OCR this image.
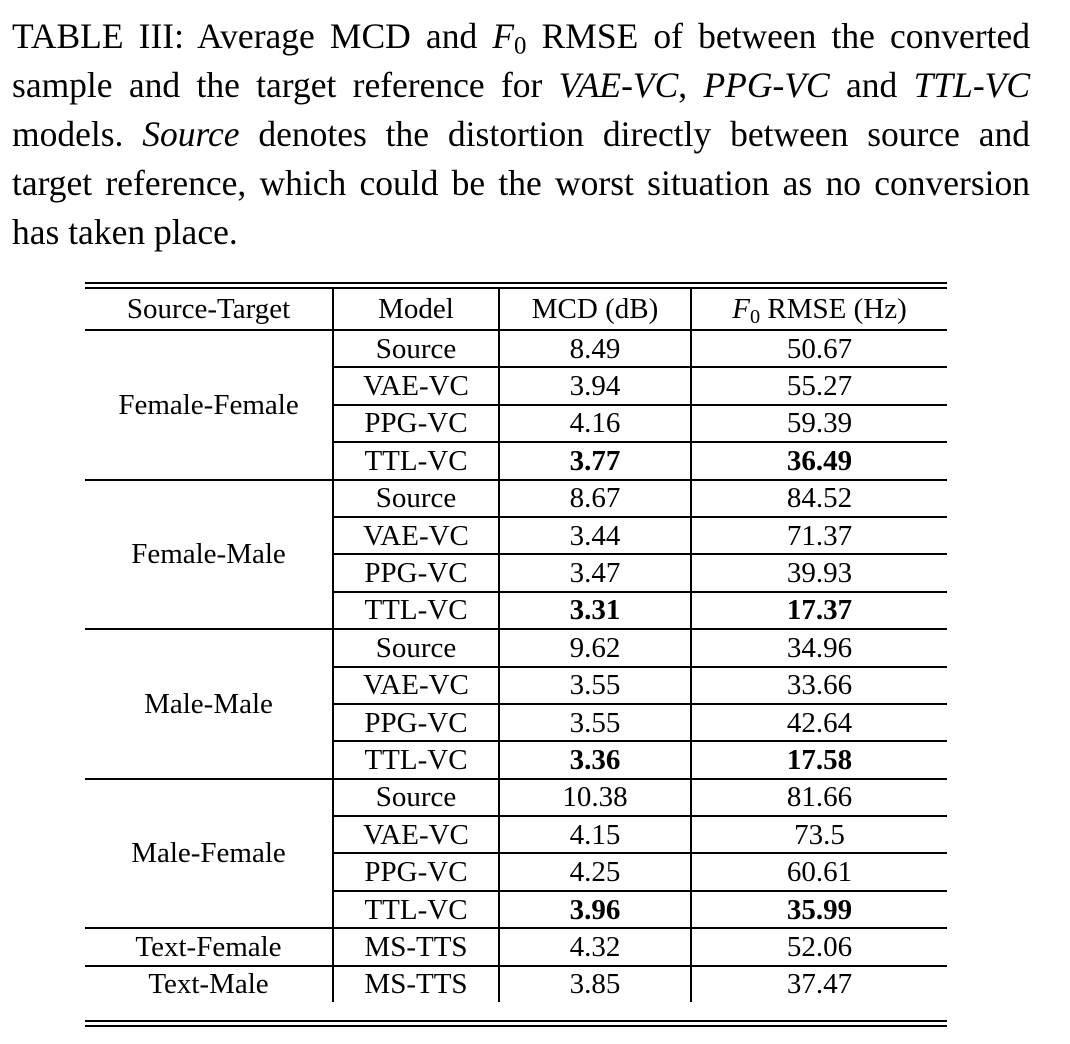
TABLE III: Average MCD and $F_0$ RMSE of between the converted sample and the target reference for VAE-VC, PPG-VC and TTL-VC models. Source denotes the distortion directly between source and target reference, which could be the worst situation as no conversion has taken place.
Source-Target	Model	MCD (dB)	$F_0$ RMSE (Hz)
Female-Female	Source	8.49	50.67
	VAE-VC	3.94	55.27
	PPG-VC	4.16	59.39
	TTL-VC	3.77	36.49
Female-Male	Source	8.67	84.52
	VAE-VC	3.44	71.37
	PPG-VC	3.47	39.93
	TTL-VC	3.31	17.37
Male-Male	Source	9.62	34.96
	VAE-VC	3.55	33.66
	PPG-VC	3.55	42.64
	TTL-VC	3.36	17.58
Male-Female	Source	10.38	81.66
	VAE-VC	4.15	73.5
	PPG-VC	4.25	60.61
	TTL-VC	3.96	35.99
Text-Female	MS-TTS	4.32	52.06
Text-Male	MS-TTS	3.85	37.47
